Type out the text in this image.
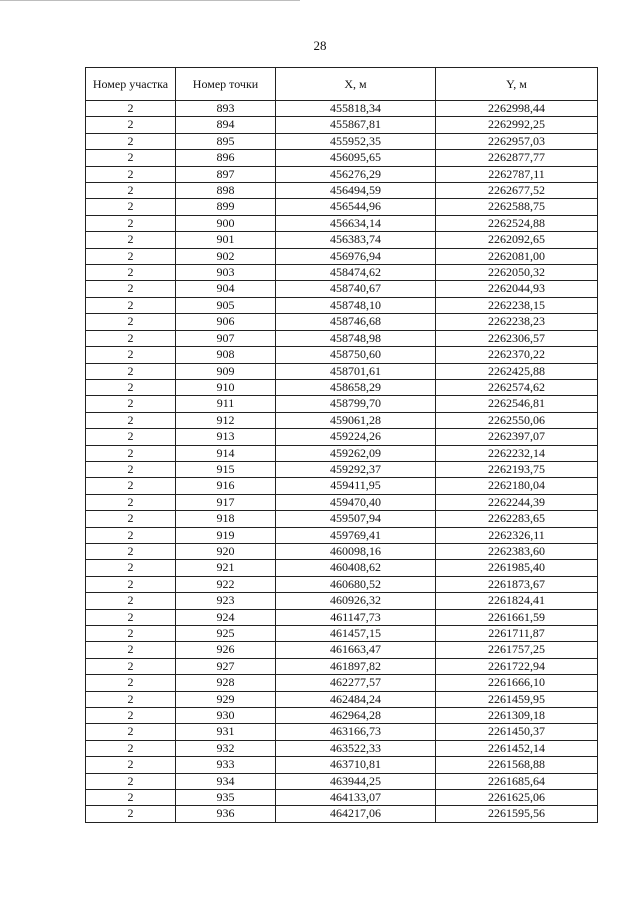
28
Номер участка	Номер точки	X, м	Y, м
2	893	455818,34	2262998,44
2	894	455867,81	2262992,25
2	895	455952,35	2262957,03
2	896	456095,65	2262877,77
2	897	456276,29	2262787,11
2	898	456494,59	2262677,52
2	899	456544,96	2262588,75
2	900	456634,14	2262524,88
2	901	456383,74	2262092,65
2	902	456976,94	2262081,00
2	903	458474,62	2262050,32
2	904	458740,67	2262044,93
2	905	458748,10	2262238,15
2	906	458746,68	2262238,23
2	907	458748,98	2262306,57
2	908	458750,60	2262370,22
2	909	458701,61	2262425,88
2	910	458658,29	2262574,62
2	911	458799,70	2262546,81
2	912	459061,28	2262550,06
2	913	459224,26	2262397,07
2	914	459262,09	2262232,14
2	915	459292,37	2262193,75
2	916	459411,95	2262180,04
2	917	459470,40	2262244,39
2	918	459507,94	2262283,65
2	919	459769,41	2262326,11
2	920	460098,16	2262383,60
2	921	460408,62	2261985,40
2	922	460680,52	2261873,67
2	923	460926,32	2261824,41
2	924	461147,73	2261661,59
2	925	461457,15	2261711,87
2	926	461663,47	2261757,25
2	927	461897,82	2261722,94
2	928	462277,57	2261666,10
2	929	462484,24	2261459,95
2	930	462964,28	2261309,18
2	931	463166,73	2261450,37
2	932	463522,33	2261452,14
2	933	463710,81	2261568,88
2	934	463944,25	2261685,64
2	935	464133,07	2261625,06
2	936	464217,06	2261595,56
